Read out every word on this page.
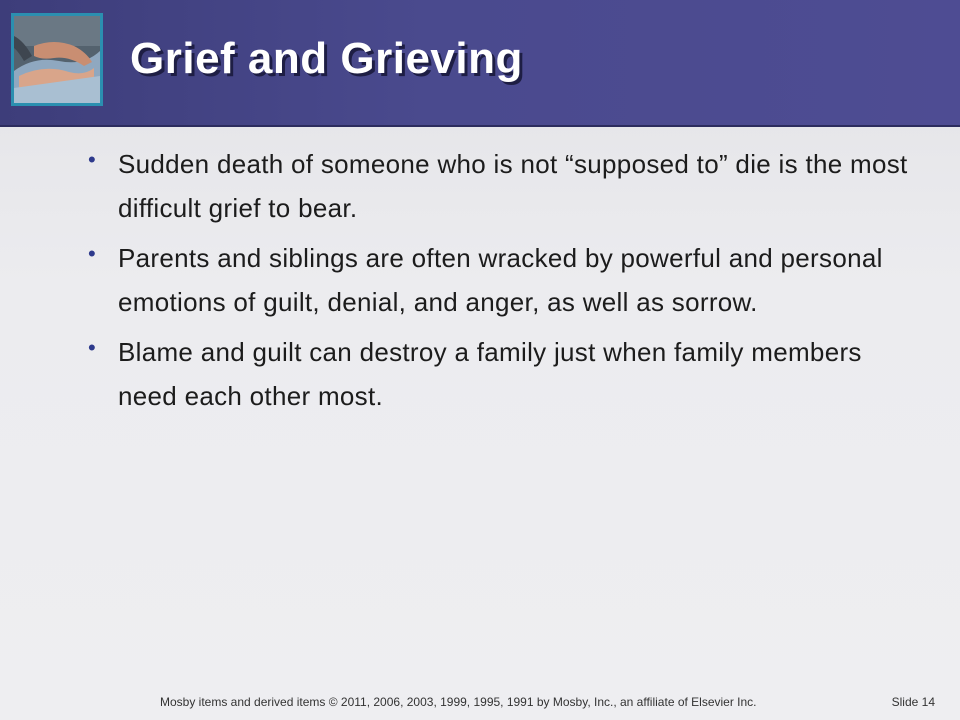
Grief and Grieving
• Sudden death of someone who is not “supposed to” die is the most difficult grief to bear.
• Parents and siblings are often wracked by powerful and personal emotions of guilt, denial, and anger, as well as sorrow.
• Blame and guilt can destroy a family just when family members need each other most.
Mosby items and derived items © 2011, 2006, 2003, 1999, 1995, 1991 by Mosby, Inc., an affiliate of Elsevier Inc.	Slide 14
